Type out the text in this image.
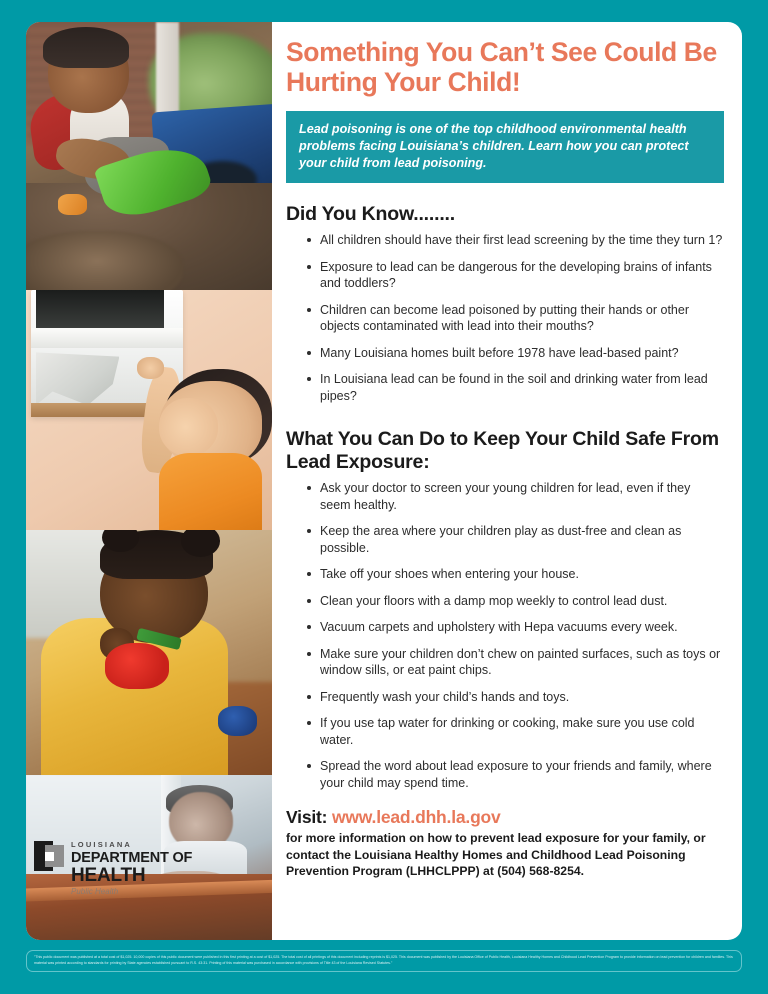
LOUISIANA
DEPARTMENT OF
HEALTH
Public Health
Something You Can’t See Could Be Hurting Your Child!
Lead poisoning is one of the top childhood environmental health problems facing Louisiana’s children. Learn how you can protect your child from lead poisoning.
Did You Know........
All children should have their first lead screening by the time they turn 1?
Exposure to lead can be dangerous for the developing brains of infants and toddlers?
Children can become lead poisoned by putting their hands or other objects contaminated with lead into their mouths?
Many Louisiana homes built before 1978 have lead-based paint?
In Louisiana lead can be found in the soil and drinking water from lead pipes?
What You Can Do to Keep Your Child Safe From Lead Exposure:
Ask your doctor to screen your young children for lead, even if they seem healthy.
Keep the area where your children play as dust-free and clean as possible.
Take off your shoes when entering your house.
Clean your floors with a damp mop weekly to control lead dust.
Vacuum carpets and upholstery with Hepa vacuums every week.
Make sure your children don’t chew on painted surfaces, such as toys or window sills, or eat paint chips.
Frequently wash your child’s hands and toys.
If you use tap water for drinking or cooking, make sure you use cold water.
Spread the word about lead exposure to your friends and family, where your child may spend time.
Visit: www.lead.dhh.la.gov
for more information on how to prevent lead exposure for your family, or contact the Louisiana Healthy Homes and Childhood Lead Poisoning Prevention Program (LHHCLPPP) at (504) 568-8254.
"This public document was published at a total cost of $1,025. 10,000 copies of this public document were published in this first printing at a cost of $1,025. The total cost of all printings of this document including reprints is $1,025. This document was published by the Louisiana Office of Public Health, Louisiana Healthy Homes and Childhood Lead Prevention Program to provide information on lead prevention for children and families. This material was printed according to standards for printing by State agencies established pursuant to R.S. 43:31. Printing of this material was purchased in accordance with provisions of Title 43 of the Louisiana Revised Statutes."
